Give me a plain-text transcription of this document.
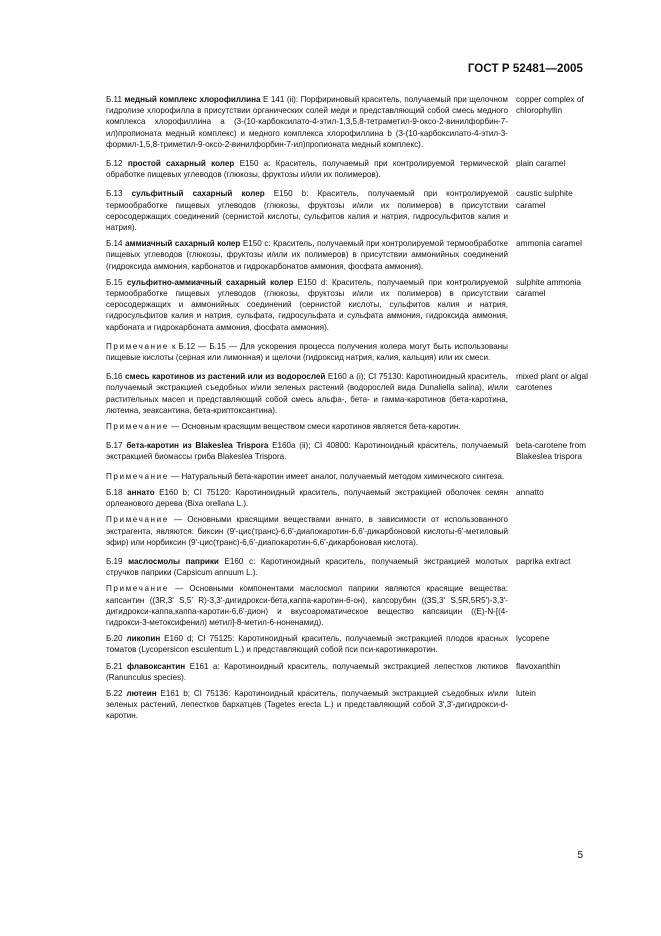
ГОСТ Р 52481—2005
Б.11 медный комплекс хлорофиллина Е 141 (ii): Порфириновый краситель, получаемый при щелочном гидролизе хлорофилла в присутствии органических солей меди и представляющий собой смесь медного комплекса хлорофиллина а (3-(10-карбоксилато-4-этил-1,3,5,8-тетраметил-9-оксо-2-винилфорбин-7-ил)пропионата медный комплекс) и медного комплекса хлорофиллина b (3-(10-карбоксилато-4-этил-3-формил-1,5,8-триметил-9-оксо-2-винилфорбин-7-ил)пропионата медный комплекс).
copper complex of chlorophyllin
Б.12 простой сахарный колер Е150 a: Краситель, получаемый при контролируемой термической обработке пищевых углеводов (глюкозы, фруктозы и/или их полимеров).
plain caramel
Б.13 сульфитный сахарный колер Е150 b: Краситель, получаемый при контролируемой термообработке пищевых углеводов (глюкозы, фруктозы и/или их полимеров) в присутствии серосодержащих соединений (сернистой кислоты, сульфитов калия и натрия, гидросульфитов калия и натрия).
caustic sulphite caramel
Б.14 аммиачный сахарный колер Е150 c: Краситель, получаемый при контролируемой термообработке пищевых углеводов (глюкозы, фруктозы и/или их полимеров) в присутствии аммонийных соединений (гидроксида аммония, карбонатов и гидрокарбонатов аммония, фосфата аммония).
ammonia caramel
Б.15 сульфитно-аммиачный сахарный колер Е150 d: Краситель, получаемый при контролируемой термообработке пищевых углеводов (глюкозы, фруктозы и/или их полимеров) в присутствии серосодержащих и аммонийных соединений (сернистой кислоты, сульфитов калия и натрия, гидросульфитов калия и натрия, сульфата, гидросульфата и сульфата аммония, гидроксида аммония, карбоната и гидрокарбоната аммония, фосфата аммония).
sulphite ammonia caramel
Примечание к Б.12 — Б.15 — Для ускорения процесса получения колера могут быть использованы пищевые кислоты (серная или лимонная) и щелочи (гидроксид натрия, калия, кальция) или их смеси.
Б.16 смесь каротинов из растений или из водорослей Е160 a (i); CI 75130: Каротиноидный краситель, получаемый экстракцией съедобных и/или зеленых растений (водорослей вида Dunaliella salina), и/или растительных масел и представляющий собой смесь альфа-, бета- и гамма-каротинов (бета-каротина, лютеина, зеаксантина, бета-криптоксантина).
mixed plant or algal carotenes
Примечание — Основным красящим веществом смеси каротинов является бета-каротин.
Б.17 бета-каротин из Blakeslea Trispora Е160a (ii); CI 40800: Каротиноидный краситель, получаемый экстракцией биомассы гриба Blakeslea Trispora.
beta-carotene from Blakeslea trispora
Примечание — Натуральный бета-каротин имеет аналог, получаемый методом химического синтеза.
Б.18 аннато Е160 b; CI 75120: Каротиноидный краситель, получаемый экстракцией оболочек семян орлеанового дерева (Bixa orellana L.).
annatto
Примечание — Основными красящими веществами аннато, в зависимости от использованного экстрагента, являются: биксин (9'-цис(транс)-6,6'-диапокаротин-6,6'-дикарбоновой кислоты-6'-метиловый эфир) или норбиксин (9'-цис(транс)-6,6'-диапокаротин-6,6'-дикарбоновая кислота).
Б.19 маслосмолы паприки Е160 c: Каротиноидный краситель, получаемый экстракцией молотых стручков паприки (Capsicum annuum L.).
paprika extract
Примечание — Основными компонентами маслосмол паприки являются красящие вещества: капсантин ((3R,3' S,5' R)-3,3'-дигидрокси-бета,каппа-каротин-6-он), капсорубин ((3S,3' S,5R,5R5')-3,3'-дигидрокси-каппа,каппа-каротин-6,6'-дион) и вкусоароматическое вещество капсаицин ((Е)-N-[(4-гидрокси-3-метоксифенил) метил]-8-метил-6-ноненамид).
Б.20 ликопин Е160 d; CI 75125: Каротиноидный краситель, получаемый экстракцией плодов красных томатов (Lycopersicon esculentum L.) и представляющий собой пси пси-каротинкаротин.
lycopene
Б.21 флавоксантин Е161 a: Каротиноидный краситель, получаемый экстракцией лепестков лютиков (Ranunculus species).
flavoxanthin
Б.22 лютеин Е161 b; CI 75136: Каротиноидный краситель, получаемый экстракцией съедобных и/или зеленых растений, лепестков бархатцев (Tagetes erecta L.) и представляющий собой 3',3'-дигидрокси-d-каротин.
lutein
5
